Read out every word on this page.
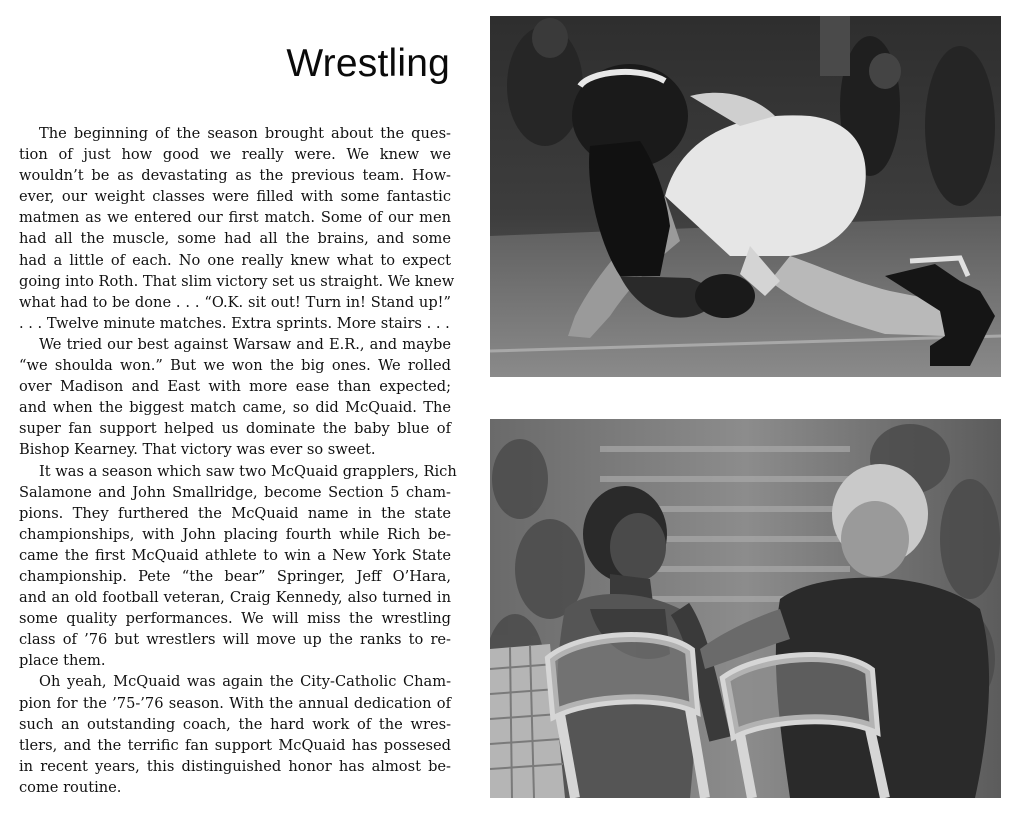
Wrestling
The beginning of the season brought about the ques-
tion of just how good we really were. We knew we
wouldn’t be as devastating as the previous team. How-
ever, our weight classes were filled with some fantastic
matmen as we entered our first match. Some of our men
had all the muscle, some had all the brains, and some
had a little of each. No one really knew what to expect
going into Roth. That slim victory set us straight. We knew
what had to be done . . . “O.K. sit out! Turn in! Stand up!”
. . . Twelve minute matches. Extra sprints. More stairs . . .
We tried our best against Warsaw and E.R., and maybe
“we shoulda won.” But we won the big ones. We rolled
over Madison and East with more ease than expected;
and when the biggest match came, so did McQuaid. The
super fan support helped us dominate the baby blue of
Bishop Kearney. That victory was ever so sweet.
It was a season which saw two McQuaid grapplers, Rich
Salamone and John Smallridge, become Section 5 cham-
pions. They furthered the McQuaid name in the state
championships, with John placing fourth while Rich be-
came the first McQuaid athlete to win a New York State
championship. Pete “the bear” Springer, Jeff O’Hara,
and an old football veteran, Craig Kennedy, also turned in
some quality performances. We will miss the wrestling
class of ’76 but wrestlers will move up the ranks to re-
place them.
Oh yeah, McQuaid was again the City-Catholic Cham-
pion for the ’75-’76 season. With the annual dedication of
such an outstanding coach, the hard work of the wres-
tlers, and the terrific fan support McQuaid has possesed
in recent years, this distinguished honor has almost be-
come routine.
